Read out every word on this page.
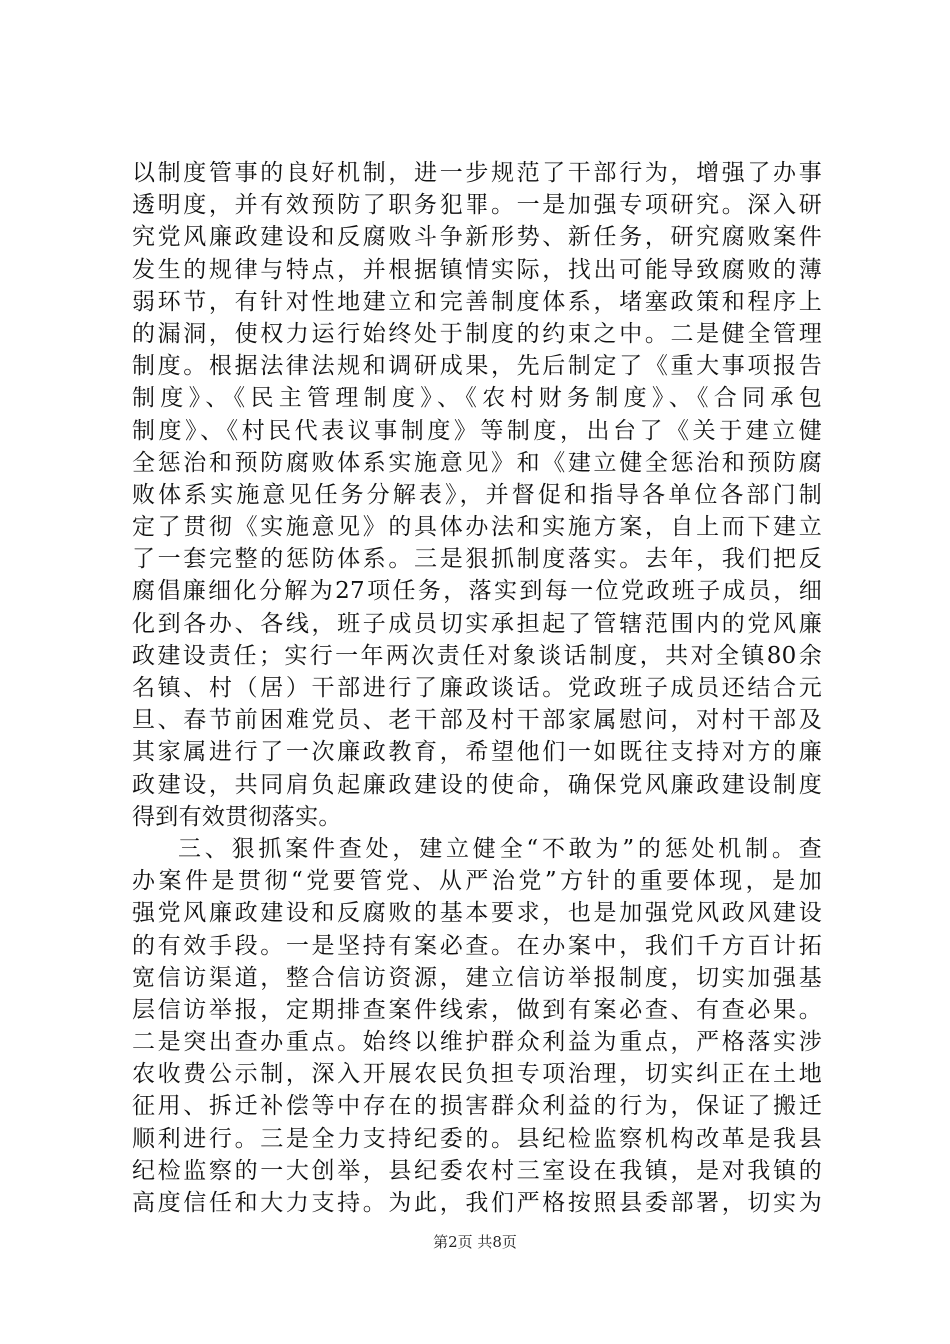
以制度管事的良好机制，进一步规范了干部行为，增强了办事
透明度，并有效预防了职务犯罪。一是加强专项研究。深入研
究党风廉政建设和反腐败斗争新形势、新任务，研究腐败案件
发生的规律与特点，并根据镇情实际，找出可能导致腐败的薄
弱环节，有针对性地建立和完善制度体系，堵塞政策和程序上
的漏洞，使权力运行始终处于制度的约束之中。二是健全管理
制度。根据法律法规和调研成果，先后制定了《重大事项报告
制度》、《民主管理制度》、《农村财务制度》、《合同承包
制度》、《村民代表议事制度》等制度，出台了《关于建立健
全惩治和预防腐败体系实施意见》和《建立健全惩治和预防腐
败体系实施意见任务分解表》，并督促和指导各单位各部门制
定了贯彻《实施意见》的具体办法和实施方案，自上而下建立
了一套完整的惩防体系。三是狠抓制度落实。去年，我们把反
腐倡廉细化分解为27项任务，落实到每一位党政班子成员，细
化到各办、各线，班子成员切实承担起了管辖范围内的党风廉
政建设责任；实行一年两次责任对象谈话制度，共对全镇80余
名镇、村（居）干部进行了廉政谈话。党政班子成员还结合元
旦、春节前困难党员、老干部及村干部家属慰问，对村干部及
其家属进行了一次廉政教育，希望他们一如既往支持对方的廉
政建设，共同肩负起廉政建设的使命，确保党风廉政建设制度
得到有效贯彻落实。
三、狠抓案件查处，建立健全“不敢为”的惩处机制。查
办案件是贯彻“党要管党、从严治党”方针的重要体现，是加
强党风廉政建设和反腐败的基本要求，也是加强党风政风建设
的有效手段。一是坚持有案必查。在办案中，我们千方百计拓
宽信访渠道，整合信访资源，建立信访举报制度，切实加强基
层信访举报，定期排查案件线索，做到有案必查、有查必果。
二是突出查办重点。始终以维护群众利益为重点，严格落实涉
农收费公示制，深入开展农民负担专项治理，切实纠正在土地
征用、拆迁补偿等中存在的损害群众利益的行为，保证了搬迁
顺利进行。三是全力支持纪委的。县纪检监察机构改革是我县
纪检监察的一大创举，县纪委农村三室设在我镇，是对我镇的
高度信任和大力支持。为此，我们严格按照县委部署，切实为
第2页 共8页
